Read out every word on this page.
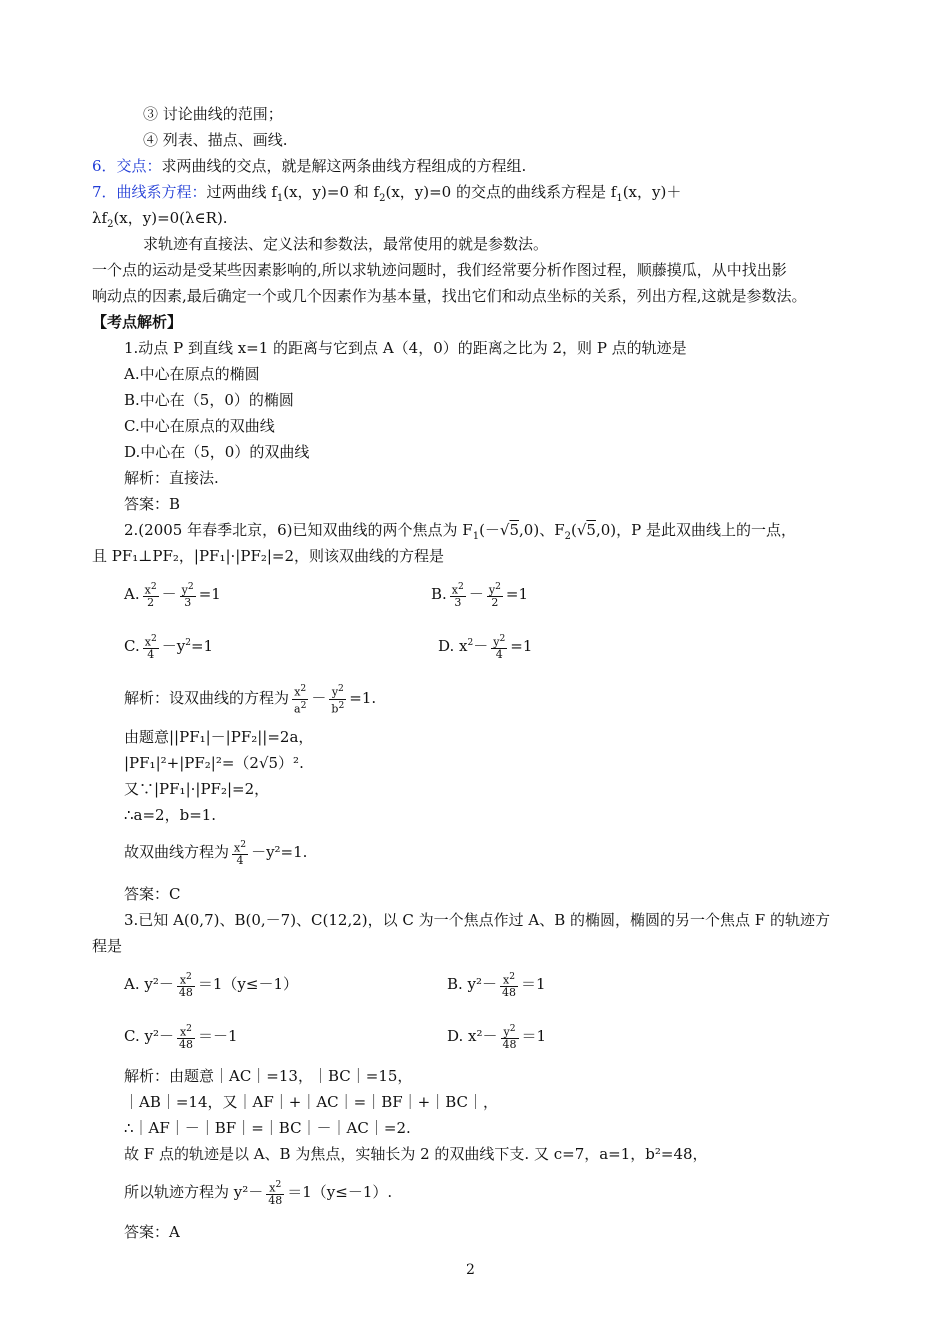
③ 讨论曲线的范围；
④ 列表、描点、画线.
6．交点：求两曲线的交点，就是解这两条曲线方程组成的方程组.
7．曲线系方程：过两曲线 $f_1(x$，y)=0 和 $f_2(x$，y)=0 的交点的曲线系方程是 $f_1(x$，y)＋
$\lambda f_2(x$，y)=0(λ∈R).
求轨迹有直接法、定义法和参数法，最常使用的就是参数法。
一个点的运动是受某些因素影响的,所以求轨迹问题时，我们经常要分析作图过程，顺藤摸瓜，从中找出影
响动点的因素,最后确定一个或几个因素作为基本量，找出它们和动点坐标的关系，列出方程,这就是参数法。
【考点解析】
1.动点 P 到直线 x=1 的距离与它到点 A（4，0）的距离之比为 2，则 P 点的轨迹是
A.中心在原点的椭圆
B.中心在（5，0）的椭圆
C.中心在原点的双曲线
D.中心在（5，0）的双曲线
解析：直接法.
答案：B
2.(2005 年春季北京，6)已知双曲线的两个焦点为 $F_1(-√5,0)$、$F_2(√5,0)$，P 是此双曲线上的一点，
且 PF₁⊥PF₂，|PF₁|·|PF₂|=2，则该双曲线的方程是
A. $\frac{x^2}{2} - \frac{y^2}{3} =1$	B. $\frac{x^2}{3} - \frac{y^2}{2} =1$
C. $\frac{x^2}{4} -y^2=1$	D. $x^2- \frac{y^2}{4} =1$
解析：设双曲线的方程为 $\frac{x^2}{a^2} - \frac{y^2}{b^2} =1$.
由题意||PF₁|－|PF₂||=2a，
|PF₁|²+|PF₂|²=（2√5）².
又∵|PF₁|·|PF₂|=2，
∴a=2，b=1.
故双曲线方程为 $\frac{x^2}{4} -y^2=1$.
答案：C
3.已知 A(0,7)、B(0,－7)、C(12,2)，以 C 为一个焦点作过 A、B 的椭圆，椭圆的另一个焦点 F 的轨迹方
程是
A. $y^2- \frac{x^2}{48} =1(y\le-1)$	B. $y^2- \frac{x^2}{48} =1$
C. $y^2- \frac{x^2}{48} =-1$	D. $x^2- \frac{y^2}{48} =1$
解析：由题意｜AC｜=13，｜BC｜=15，
｜AB｜=14，又｜AF｜+｜AC｜=｜BF｜+｜BC｜，
∴｜AF｜－｜BF｜=｜BC｜－｜AC｜=2.
故 F 点的轨迹是以 A、B 为焦点，实轴长为 2 的双曲线下支. 又 c=7，a=1，b²=48，
所以轨迹方程为 $y^2- \frac{x^2}{48} =1(y\le-1)$.
答案：A
2
